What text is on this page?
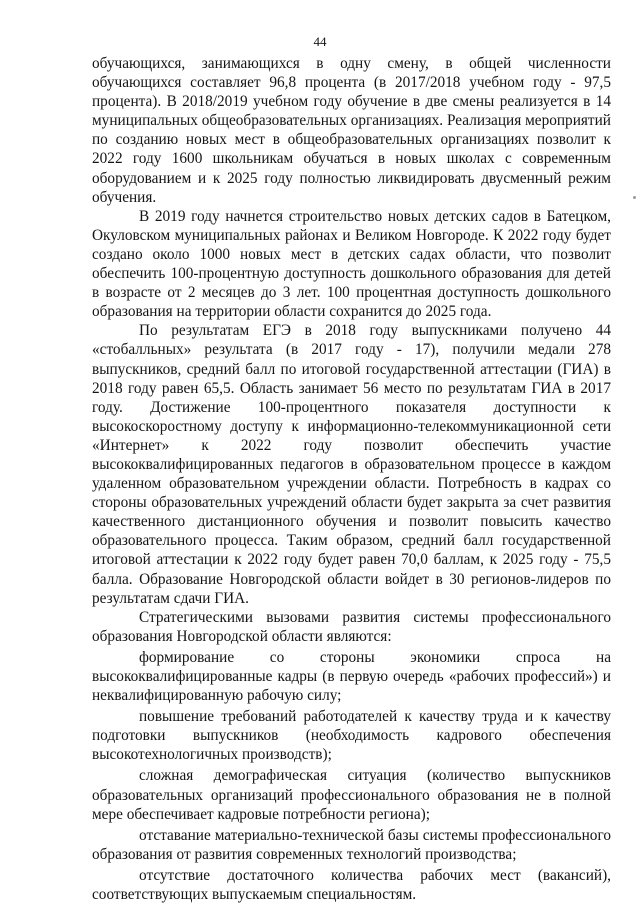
44

обучающихся, занимающихся в одну смену, в общей численности обучающихся составляет 96,8 процента (в 2017/2018 учебном году ‑ 97,5 процента). В 2018/2019 учебном году обучение в две смены реализуется в 14 муниципальных общеобразовательных организациях. Реализация мероприятий по созданию новых мест в общеобразовательных организациях позволит к 2022 году 1600 школьникам обучаться в новых школах с современным оборудованием и к 2025 году полностью ликвидировать двусменный режим обучения.

В 2019 году начнется строительство новых детских садов в Батецком, Окуловском муниципальных районах и Великом Новгороде. К 2022 году будет создано около 1000 новых мест в детских садах области, что позволит обеспечить 100-процентную доступность дошкольного образования для детей в возрасте от 2 месяцев до 3 лет. 100 процентная доступность дошкольного образования на территории области сохранится до 2025 года.

По результатам ЕГЭ в 2018 году выпускниками получено 44 «стобалльных» результата (в 2017 году - 17), получили медали 278 выпускников, средний балл по итоговой государственной аттестации (ГИА) в 2018 году равен 65,5. Область занимает 56 место по результатам ГИА в 2017 году. Достижение 100-процентного показателя доступности к высокоскоростному доступу к информационно-телекоммуникационной сети «Интернет» к 2022 году позволит обеспечить участие высококвалифицированных педагогов в образовательном процессе в каждом удаленном образовательном учреждении области. Потребность в кадрах со стороны образовательных учреждений области будет закрыта за счет развития качественного дистанционного обучения и позволит повысить качество образовательного процесса. Таким образом, средний балл государственной итоговой аттестации к 2022 году будет равен 70,0 баллам, к 2025 году - 75,5 балла. Образование Новгородской области войдет в 30 регионов-лидеров по результатам сдачи ГИА.

Стратегическими вызовами развития системы профессионального образования Новгородской области являются:

формирование со стороны экономики спроса на высококвалифицированные кадры (в первую очередь «рабочих профессий») и неквалифицированную рабочую силу;

повышение требований работодателей к качеству труда и к качеству подготовки выпускников (необходимость кадрового обеспечения высокотехнологичных производств);

сложная демографическая ситуация (количество выпускников образовательных организаций профессионального образования не в полной мере обеспечивает кадровые потребности региона);

отставание материально-технической базы системы профессионального образования от развития современных технологий производства;

отсутствие достаточного количества рабочих мест (вакансий), соответствующих выпускаемым специальностям.
